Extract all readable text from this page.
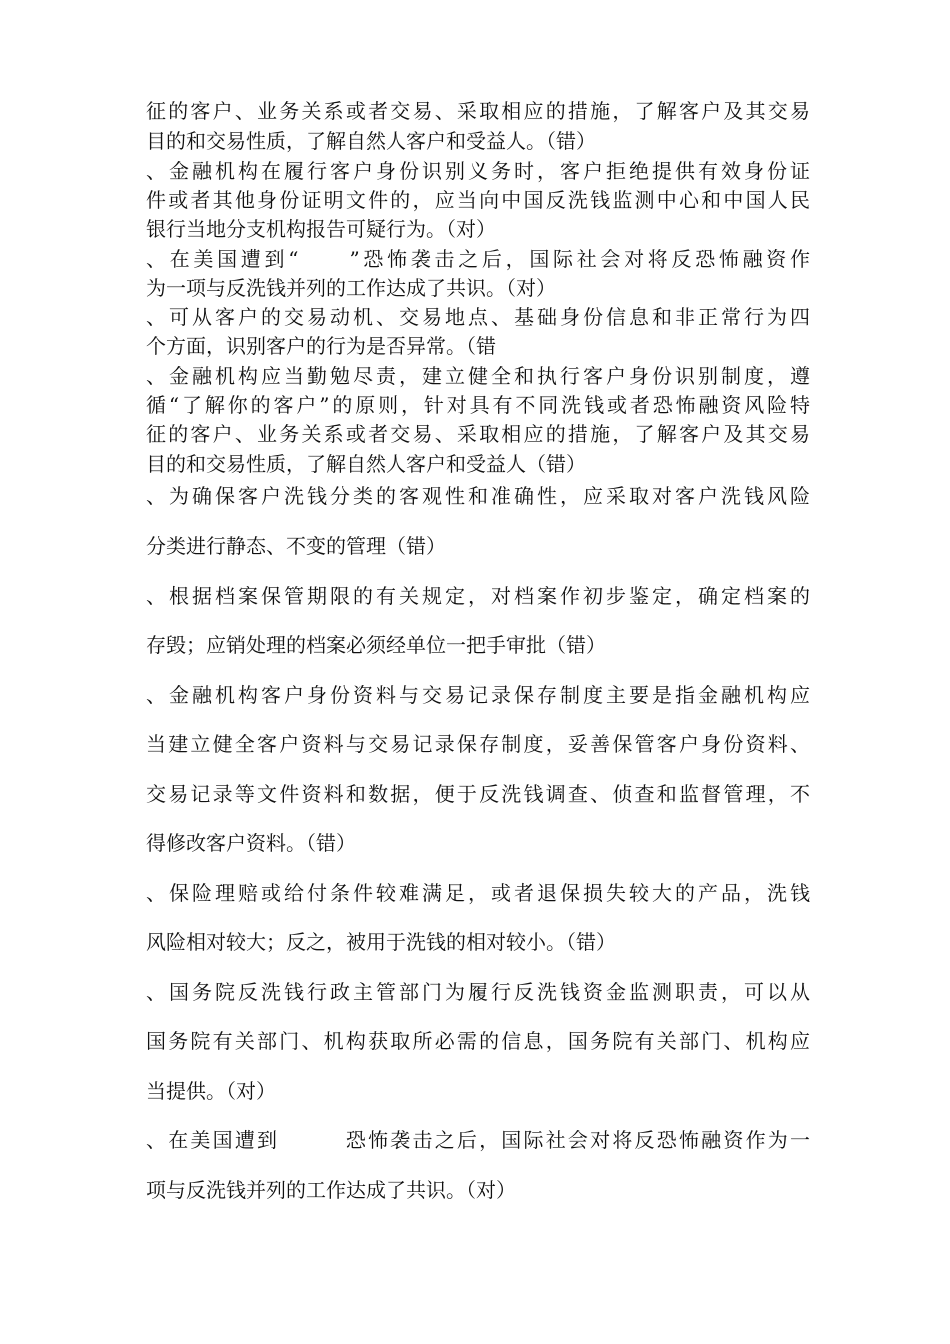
征的客户、业务关系或者交易、采取相应的措施，了解客户及其交易
目的和交易性质，了解自然人客户和受益人。（错）
、金融机构在履行客户身份识别义务时，客户拒绝提供有效身份证
件或者其他身份证明文件的，应当向中国反洗钱监测中心和中国人民
银行当地分支机构报告可疑行为。（对）
、在美国遭到“　　”恐怖袭击之后，国际社会对将反恐怖融资作
为一项与反洗钱并列的工作达成了共识。（对）
、可从客户的交易动机、交易地点、基础身份信息和非正常行为四
个方面，识别客户的行为是否异常。（错
、金融机构应当勤勉尽责，建立健全和执行客户身份识别制度，遵
循“了解你的客户”的原则，针对具有不同洗钱或者恐怖融资风险特
征的客户、业务关系或者交易、采取相应的措施，了解客户及其交易
目的和交易性质，了解自然人客户和受益人（错）
、为确保客户洗钱分类的客观性和准确性，应采取对客户洗钱风险
分类进行静态、不变的管理（错）
、根据档案保管期限的有关规定，对档案作初步鉴定，确定档案的
存毁；应销处理的档案必须经单位一把手审批（错）
、金融机构客户身份资料与交易记录保存制度主要是指金融机构应
当建立健全客户资料与交易记录保存制度，妥善保管客户身份资料、
交易记录等文件资料和数据，便于反洗钱调查、侦查和监督管理，不
得修改客户资料。（错）
、保险理赔或给付条件较难满足，或者退保损失较大的产品，洗钱
风险相对较大；反之，被用于洗钱的相对较小。（错）
、国务院反洗钱行政主管部门为履行反洗钱资金监测职责，可以从
国务院有关部门、机构获取所必需的信息，国务院有关部门、机构应
当提供。（对）
、在美国遭到　　　恐怖袭击之后，国际社会对将反恐怖融资作为一
项与反洗钱并列的工作达成了共识。（对）
